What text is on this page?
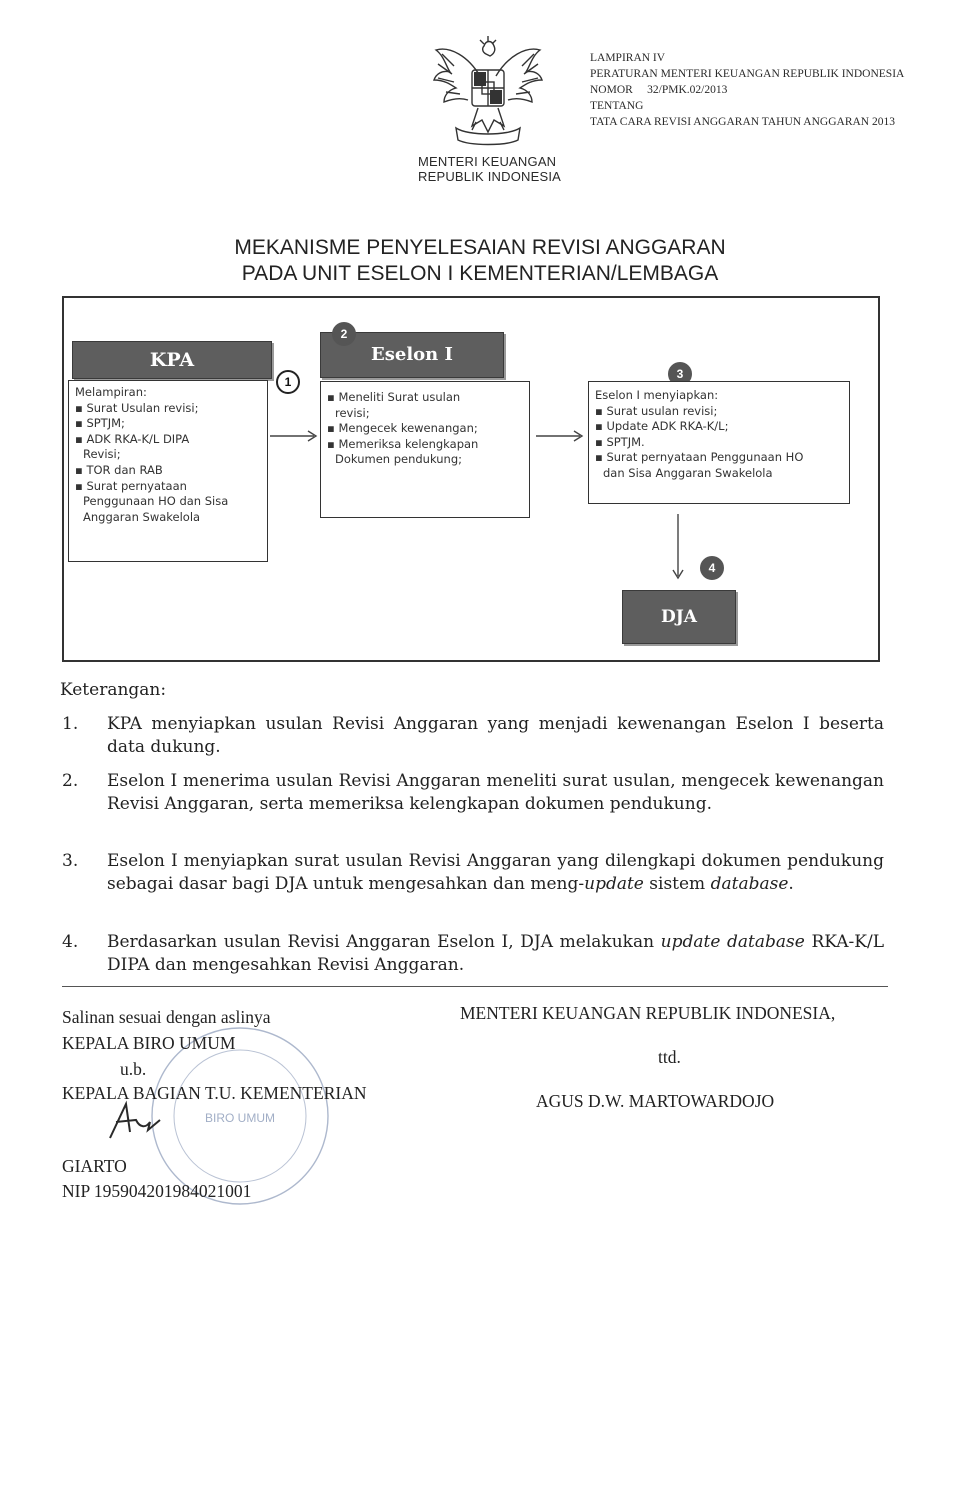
MENTERI KEUANGAN
REPUBLIK INDONESIA
LAMPIRAN IV
PERATURAN MENTERI KEUANGAN REPUBLIK INDONESIA
NOMOR     32/PMK.02/2013
TENTANG
TATA CARA REVISI ANGGARAN TAHUN ANGGARAN 2013
MEKANISME PENYELESAIAN REVISI ANGGARAN
PADA UNIT ESELON I KEMENTERIAN/LEMBAGA
KPA
Melampiran:
▪ Surat Usulan revisi;
▪ SPTJM;
▪ ADK RKA-K/L DIPA
Revisi;
▪ TOR dan RAB
▪ Surat pernyataan
Penggunaan HO dan Sisa
Anggaran Swakelola
1
Eselon I
2
▪ Meneliti Surat usulan
revisi;
▪ Mengecek kewenangan;
▪ Memeriksa kelengkapan
Dokumen pendukung;
3
Eselon I menyiapkan:
▪ Surat usulan revisi;
▪ Update ADK RKA-K/L;
▪ SPTJM.
▪ Surat pernyataan Penggunaan HO
dan Sisa Anggaran Swakelola
4
DJA
Keterangan:
1.	KPA menyiapkan usulan Revisi Anggaran yang menjadi kewenangan Eselon I beserta data dukung.
2.	Eselon I menerima usulan Revisi Anggaran meneliti surat usulan, mengecek kewenangan Revisi Anggaran, serta memeriksa kelengkapan dokumen pendukung.
3.	Eselon I menyiapkan surat usulan Revisi Anggaran yang dilengkapi dokumen pendukung sebagai dasar bagi DJA untuk mengesahkan dan meng-update sistem database.
4.	Berdasarkan usulan Revisi Anggaran Eselon I, DJA melakukan update database RKA-K/L DIPA dan mengesahkan Revisi Anggaran.
BIRO UMUM
Salinan sesuai dengan aslinya
KEPALA BIRO UMUM
u.b.
KEPALA BAGIAN T.U. KEMENTERIAN
GIARTO
NIP 195904201984021001
MENTERI KEUANGAN REPUBLIK INDONESIA,
ttd.
AGUS D.W. MARTOWARDOJO
